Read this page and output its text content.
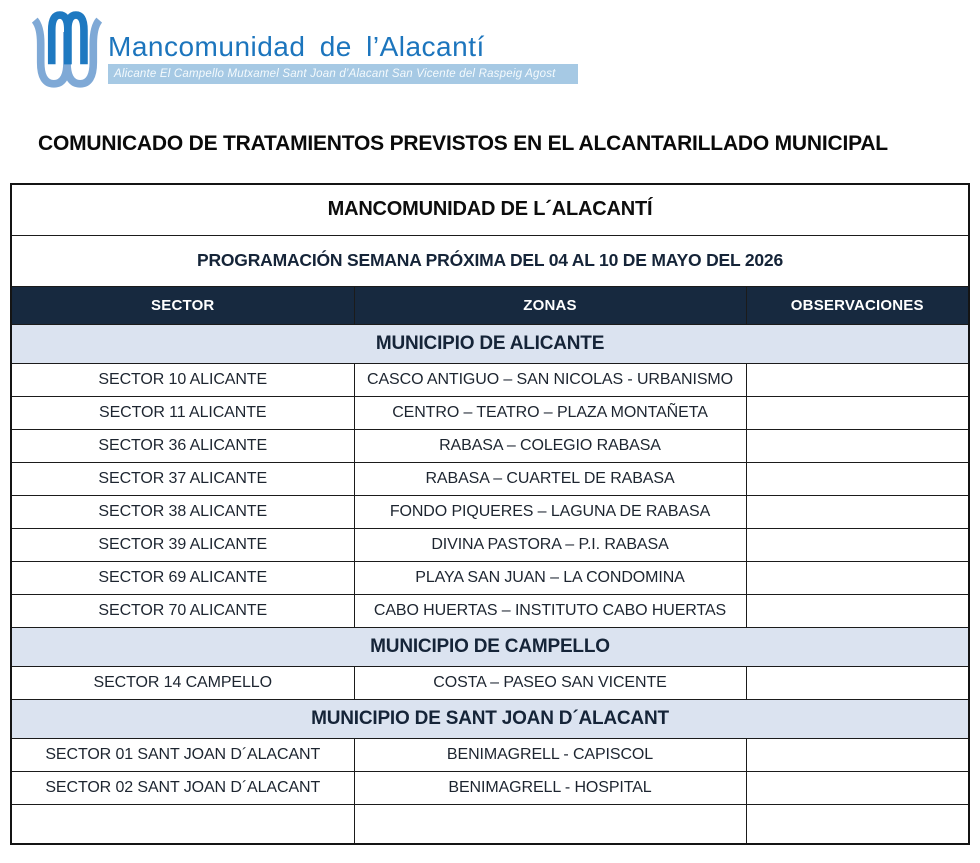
Mancomunidad de l’Alacantí
Alicante El Campello Mutxamel Sant Joan d’Alacant San Vicente del Raspeig Agost
COMUNICADO DE TRATAMIENTOS PREVISTOS EN EL ALCANTARILLADO MUNICIPAL
MANCOMUNIDAD DE L´ALACANTÍ		
PROGRAMACIÓN SEMANA PRÓXIMA DEL 04 AL 10 DE MAYO DEL 2026		
SECTOR	ZONAS	OBSERVACIONES
MUNICIPIO DE ALICANTE		
SECTOR 10 ALICANTE	CASCO ANTIGUO – SAN NICOLAS - URBANISMO	
SECTOR 11 ALICANTE	CENTRO – TEATRO – PLAZA MONTAÑETA	
SECTOR 36 ALICANTE	RABASA – COLEGIO RABASA	
SECTOR 37 ALICANTE	RABASA – CUARTEL DE RABASA	
SECTOR 38 ALICANTE	FONDO PIQUERES – LAGUNA DE RABASA	
SECTOR 39 ALICANTE	DIVINA PASTORA – P.I. RABASA	
SECTOR 69 ALICANTE	PLAYA SAN JUAN – LA CONDOMINA	
SECTOR 70 ALICANTE	CABO HUERTAS – INSTITUTO CABO HUERTAS	
MUNICIPIO DE CAMPELLO		
SECTOR 14 CAMPELLO	COSTA – PASEO SAN VICENTE	
MUNICIPIO DE SANT JOAN D´ALACANT		
SECTOR 01 SANT JOAN D´ALACANT	BENIMAGRELL - CAPISCOL	
SECTOR 02 SANT JOAN D´ALACANT	BENIMAGRELL - HOSPITAL	
